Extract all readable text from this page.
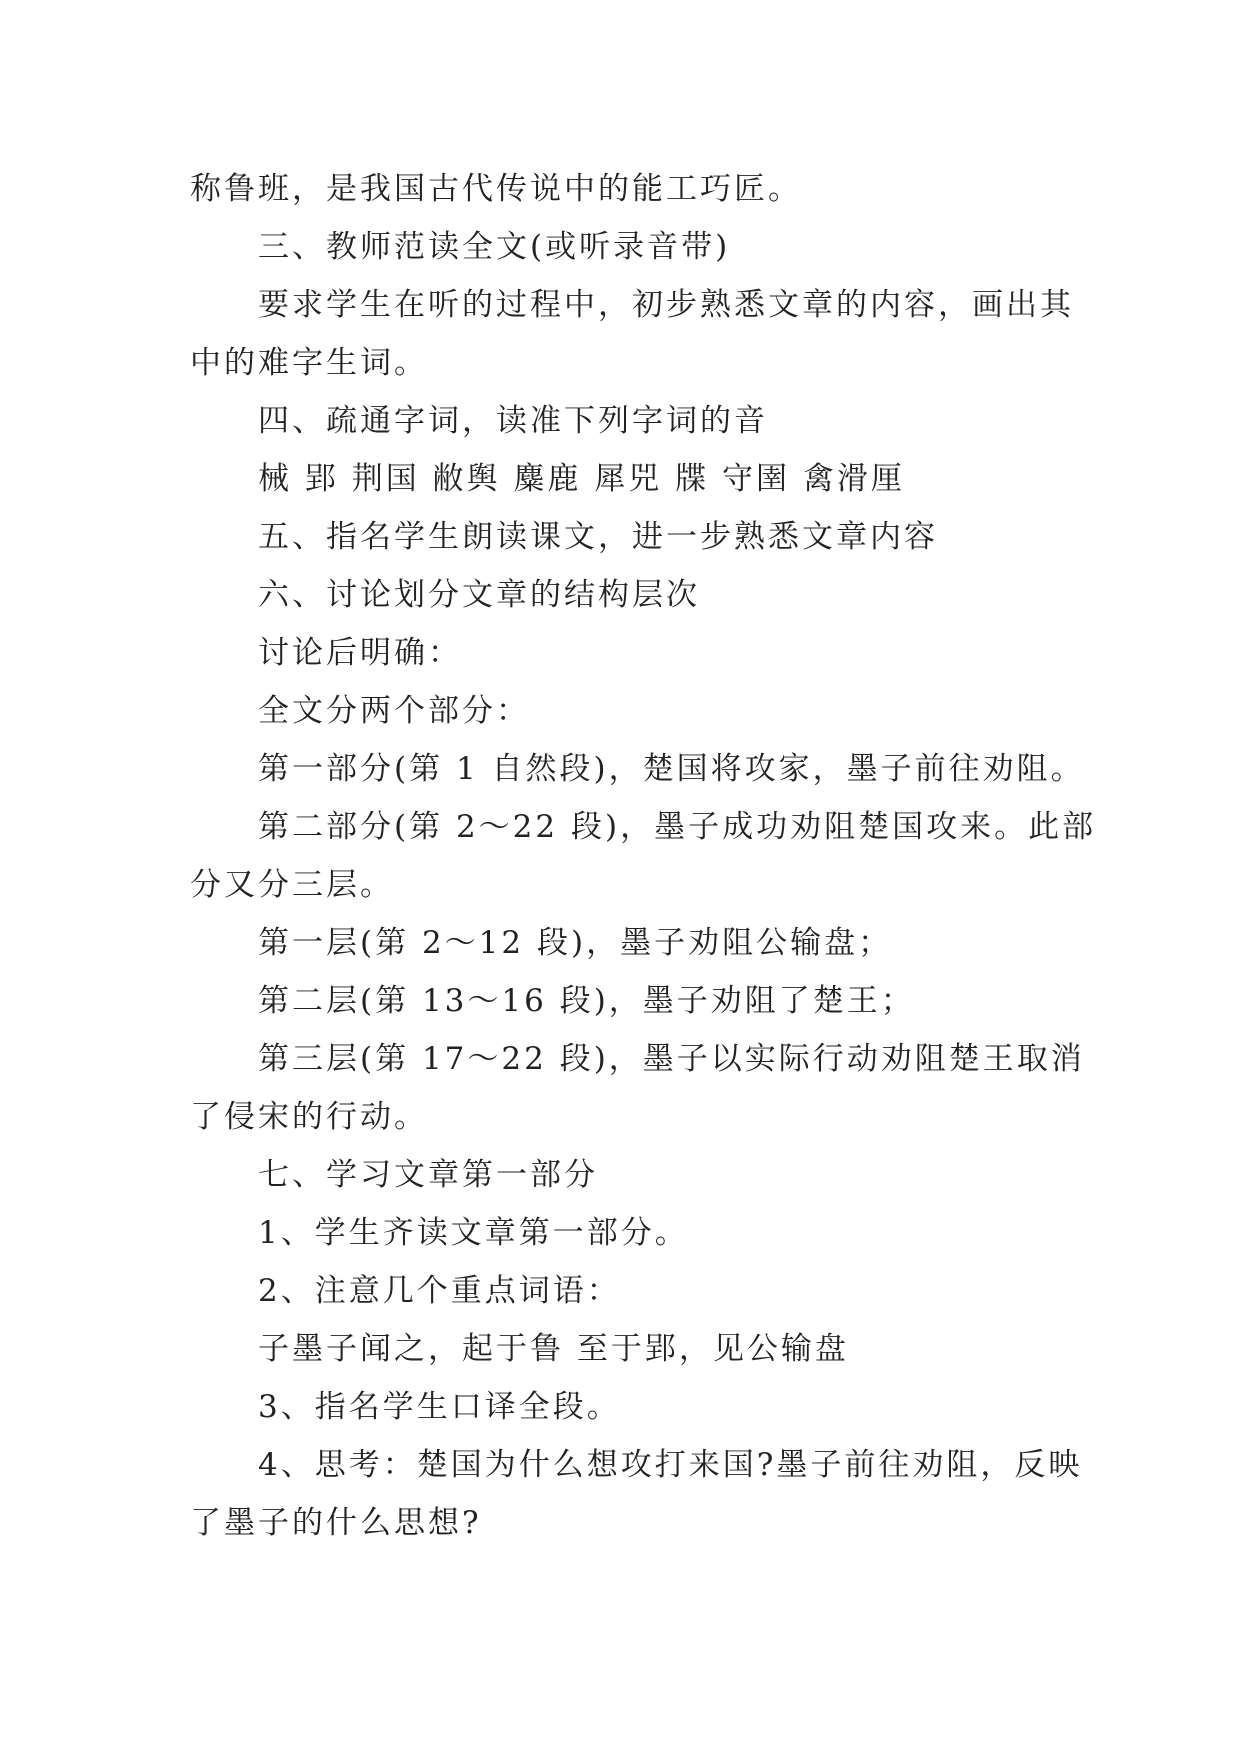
称鲁班，是我国古代传说中的能工巧匠。
三、教师范读全文(或听录音带)
要求学生在听的过程中，初步熟悉文章的内容，画出其
中的难字生词。
四、疏通字词，读准下列字词的音
械 郢 荆国 敝舆 麋鹿 犀兕 牒 守圉 禽滑厘
五、指名学生朗读课文，进一步熟悉文章内容
六、讨论划分文章的结构层次
讨论后明确：
全文分两个部分：
第一部分(第 1 自然段)，楚国将攻家，墨子前往劝阻。
第二部分(第 2～22 段)，墨子成功劝阻楚国攻来。此部
分又分三层。
第一层(第 2～12 段)，墨子劝阻公输盘；
第二层(第 13～16 段)，墨子劝阻了楚王；
第三层(第 17～22 段)，墨子以实际行动劝阻楚王取消
了侵宋的行动。
七、学习文章第一部分
1、学生齐读文章第一部分。
2、注意几个重点词语：
子墨子闻之，起于鲁 至于郢，见公输盘
3、指名学生口译全段。
4、思考：楚国为什么想攻打来国?墨子前往劝阻，反映
了墨子的什么思想?
